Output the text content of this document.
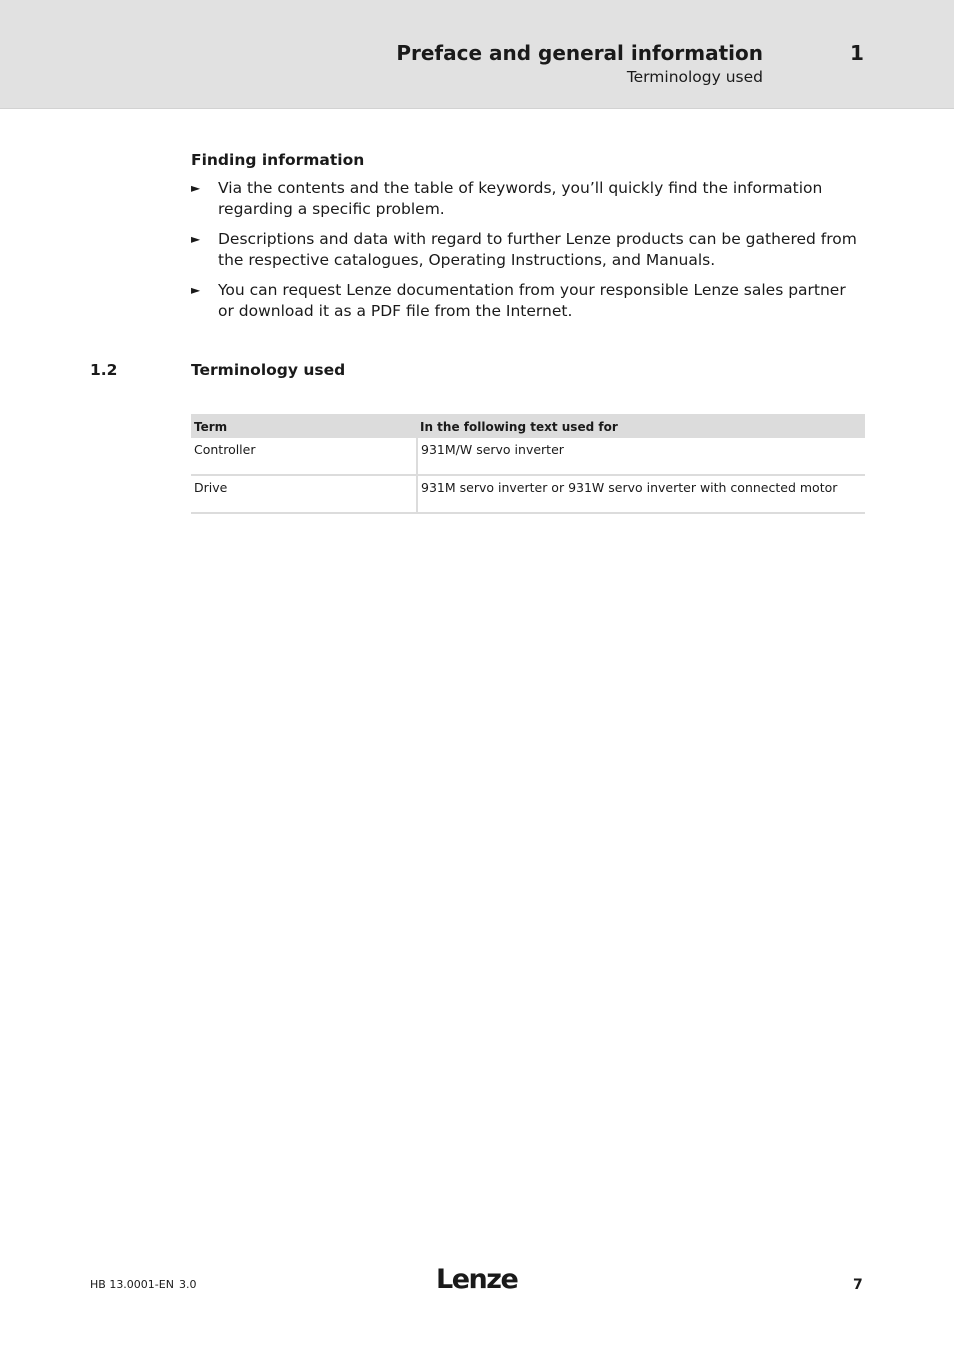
Preface and general information	1
Terminology used
Finding information
► Via the contents and the table of keywords, you’ll quickly find the information regarding a specific problem.
► Descriptions and data with regard to further Lenze products can be gathered from the respective catalogues, Operating Instructions, and Manuals.
► You can request Lenze documentation from your responsible Lenze sales partner or download it as a PDF file from the Internet.
1.2	Terminology used
Term	In the following text used for
Controller	931M/W servo inverter
Drive	931M servo inverter or 931W servo inverter with connected motor
HB 13.0001-EN 3.0	Lenze	7
